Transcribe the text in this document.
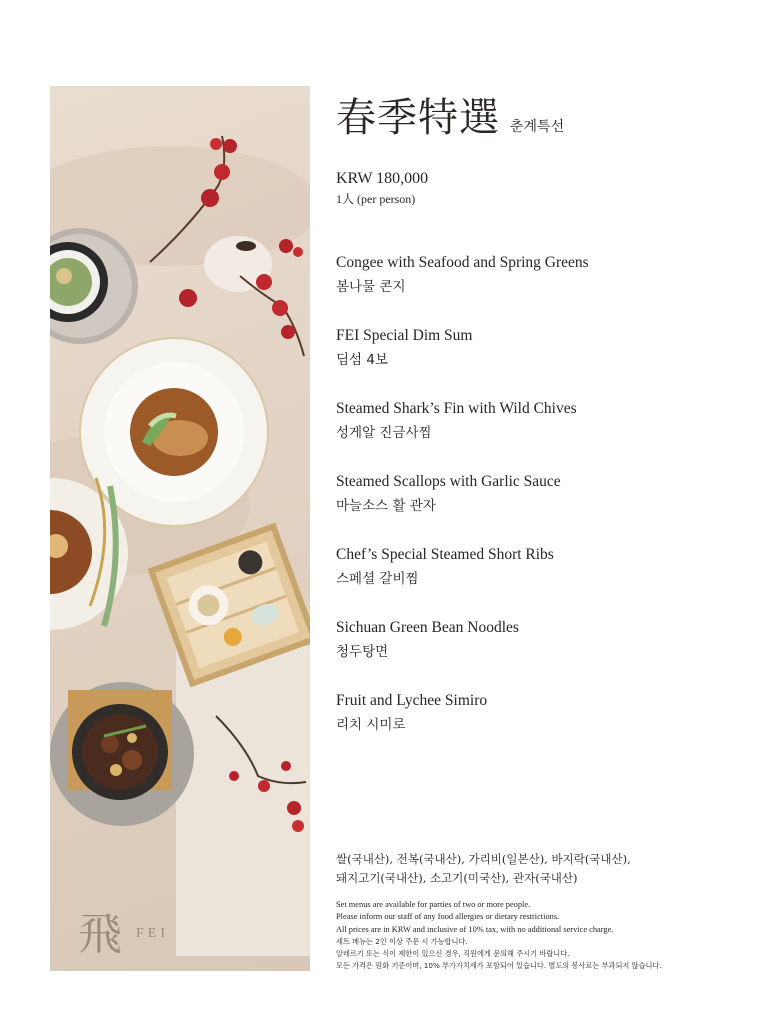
飛 FEI
春季特選 춘계특선
KRW 180,000
1人 (per person)
Congee with Seafood and Spring Greens
봄나물 콘지
FEI Special Dim Sum
딤섬 4보
Steamed Shark’s Fin with Wild Chives
성게알 진금사찜
Steamed Scallops with Garlic Sauce
마늘소스 활 관자
Chef’s Special Steamed Short Ribs
스페셜 갈비찜
Sichuan Green Bean Noodles
청두탕면
Fruit and Lychee Simiro
리치 시미로
쌀(국내산), 전복(국내산), 가리비(일본산), 바지락(국내산),
돼지고기(국내산), 소고기(미국산), 관자(국내산)
Set menus are available for parties of two or more people.
Please inform our staff of any food allergies or dietary restrictions.
All prices are in KRW and inclusive of 10% tax, with no additional service charge.
세트 메뉴는 2인 이상 주문 시 가능합니다.
알레르기 또는 식이 제한이 있으신 경우, 직원에게 문의해 주시기 바랍니다.
모든 가격은 원화 기준이며, 10% 부가가치세가 포함되어 있습니다. 별도의 봉사료는 부과되지 않습니다.
